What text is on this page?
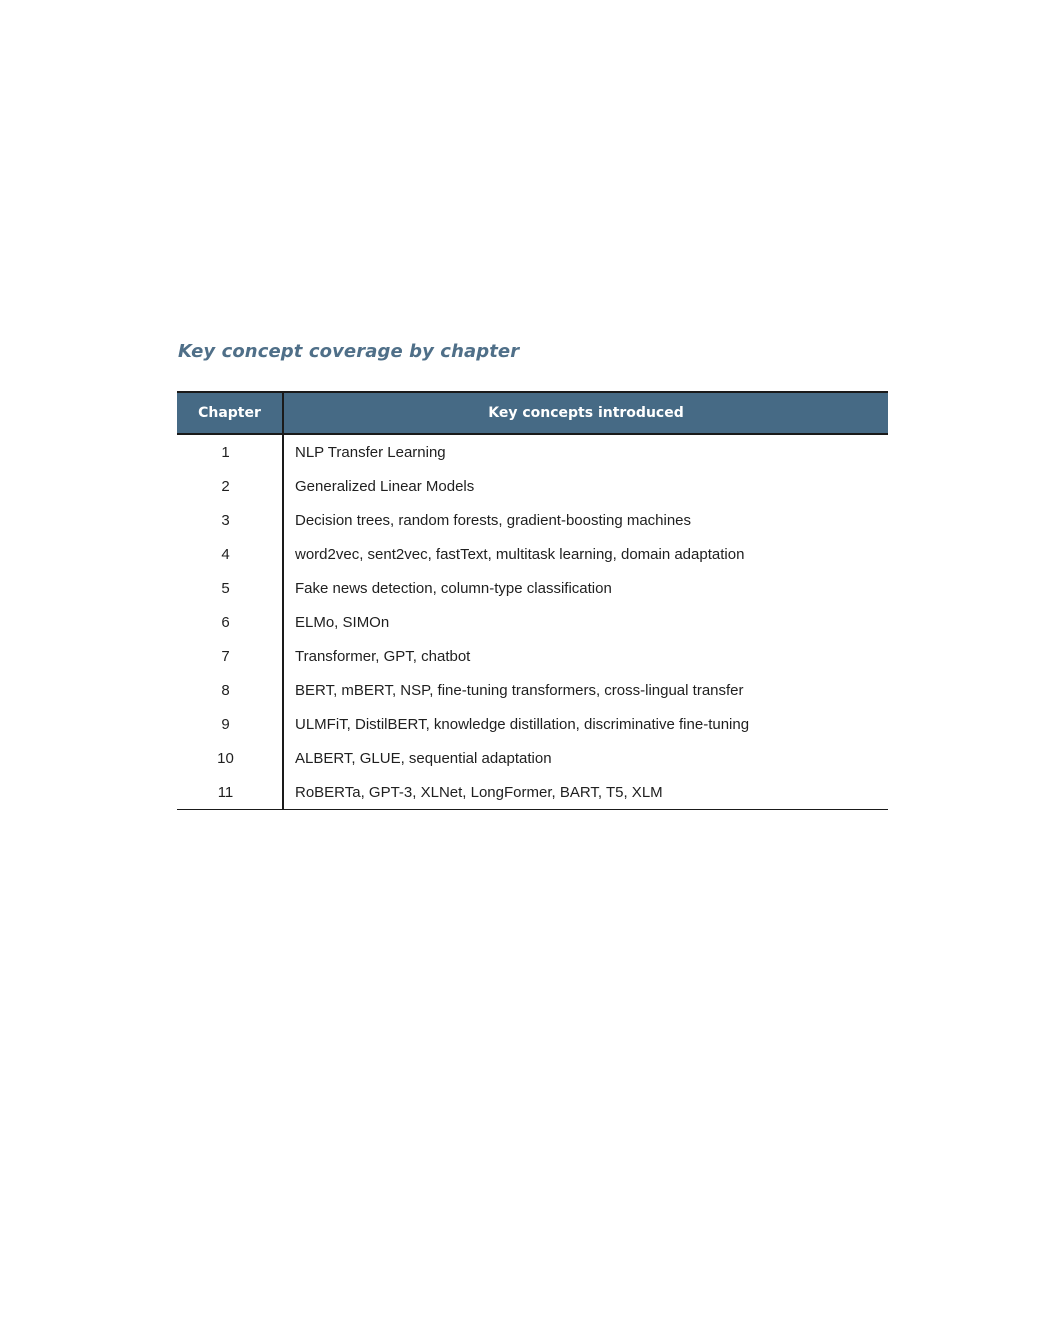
Key concept coverage by chapter
Chapter	Key concepts introduced
1	NLP Transfer Learning
2	Generalized Linear Models
3	Decision trees, random forests, gradient-boosting machines
4	word2vec, sent2vec, fastText, multitask learning, domain adaptation
5	Fake news detection, column-type classification
6	ELMo, SIMOn
7	Transformer, GPT, chatbot
8	BERT, mBERT, NSP, fine-tuning transformers, cross-lingual transfer
9	ULMFiT, DistilBERT, knowledge distillation, discriminative fine-tuning
10	ALBERT, GLUE, sequential adaptation
11	RoBERTa, GPT-3, XLNet, LongFormer, BART, T5, XLM
